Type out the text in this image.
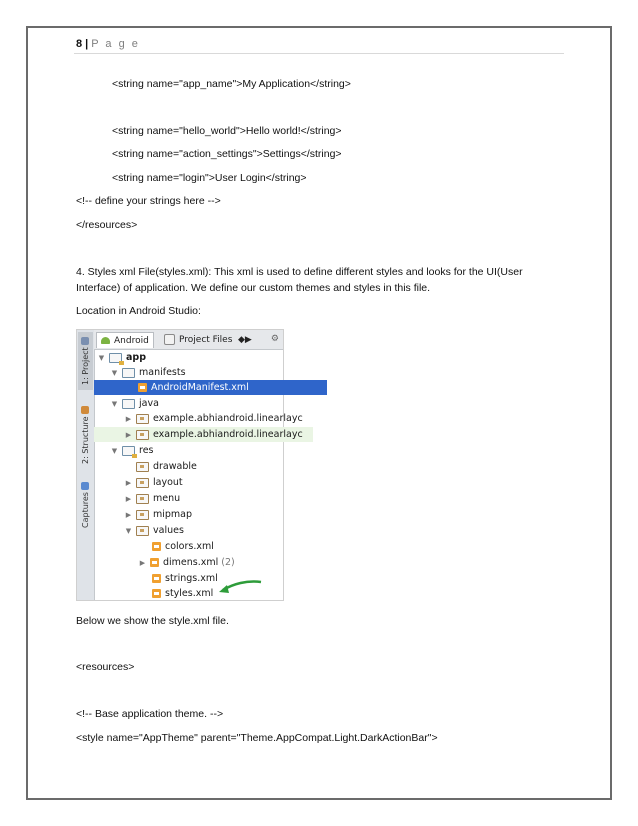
8 | P a g e
<string name="app_name">My Application</string>
<string name="hello_world">Hello world!</string>
<string name="action_settings">Settings</string>
<string name="login">User Login</string>
<!-- define your strings here -->
</resources>
4. Styles xml File(styles.xml): This xml is used to define different styles and looks for the UI(User Interface) of application. We define our custom themes and styles in this file.
Location in Android Studio:
1: Project
2: Structure
Captures
Android	Project Files ◆▶	⚙
▼ app
▼ manifests
AndroidManifest.xml
▼ java
▶ example.abhiandroid.linearlayc
▶ example.abhiandroid.linearlayc
▼ res
drawable
▶ layout
▶ menu
▶ mipmap
▼ values
colors.xml
▶ dimens.xml (2)
strings.xml
styles.xml
Below we show the style.xml file.
<resources>
<!-- Base application theme. -->
<style name="AppTheme" parent="Theme.AppCompat.Light.DarkActionBar">
